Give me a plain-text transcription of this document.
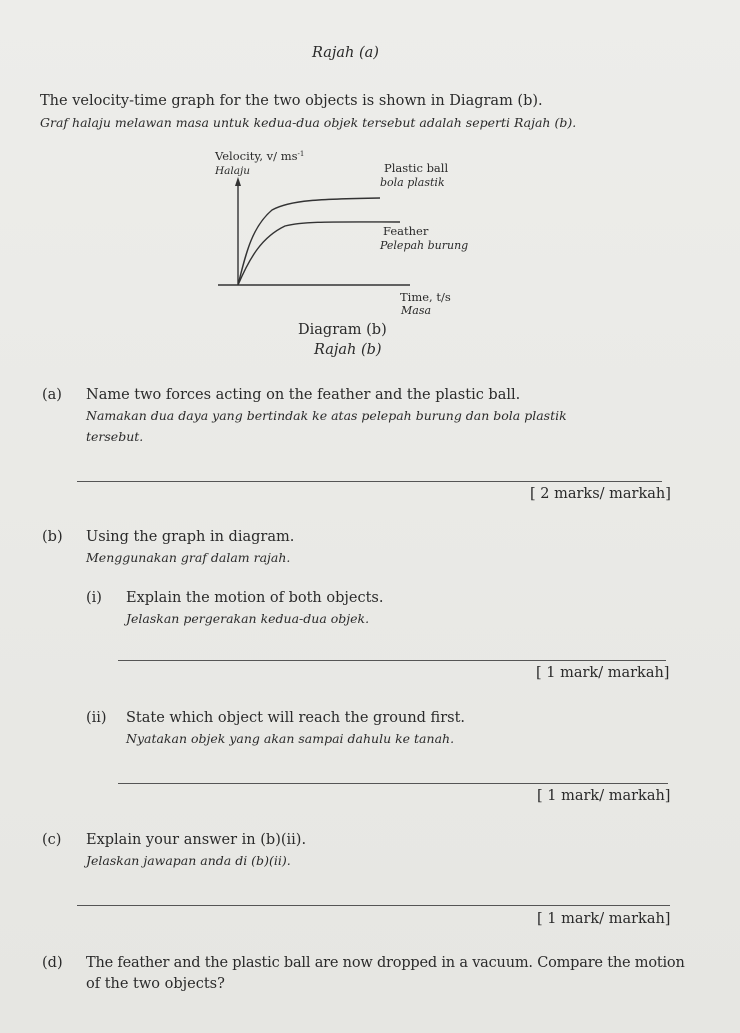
Rajah (a)
The velocity-time graph for the two objects is shown in Diagram (b).
Graf halaju melawan masa untuk kedua-dua objek tersebut adalah seperti Rajah (b).
Velocity, v/ $ms^{-1}$
Halaju	Plastic ball
bola plastik
Feather
Pelepah burung
Time, t/s
Masa
Diagram (b)
Rajah (b)
(a) Name two forces acting on the feather and the plastic ball.
Namakan dua daya yang bertindak ke atas pelepah burung dan bola plastik
tersebut.
[ 2 marks/ markah]
(b) Using the graph in diagram.
Menggunakan graf dalam rajah.
(i) Explain the motion of both objects.
Jelaskan pergerakan kedua-dua objek.
[ 1 mark/ markah]
(ii) State which object will reach the ground first.
Nyatakan objek yang akan sampai dahulu ke tanah.
[ 1 mark/ markah]
(c) Explain your answer in (b)(ii).
Jelaskan jawapan anda di (b)(ii).
[ 1 mark/ markah]
(d) The feather and the plastic ball are now dropped in a vacuum. Compare the motion
of the two objects?
